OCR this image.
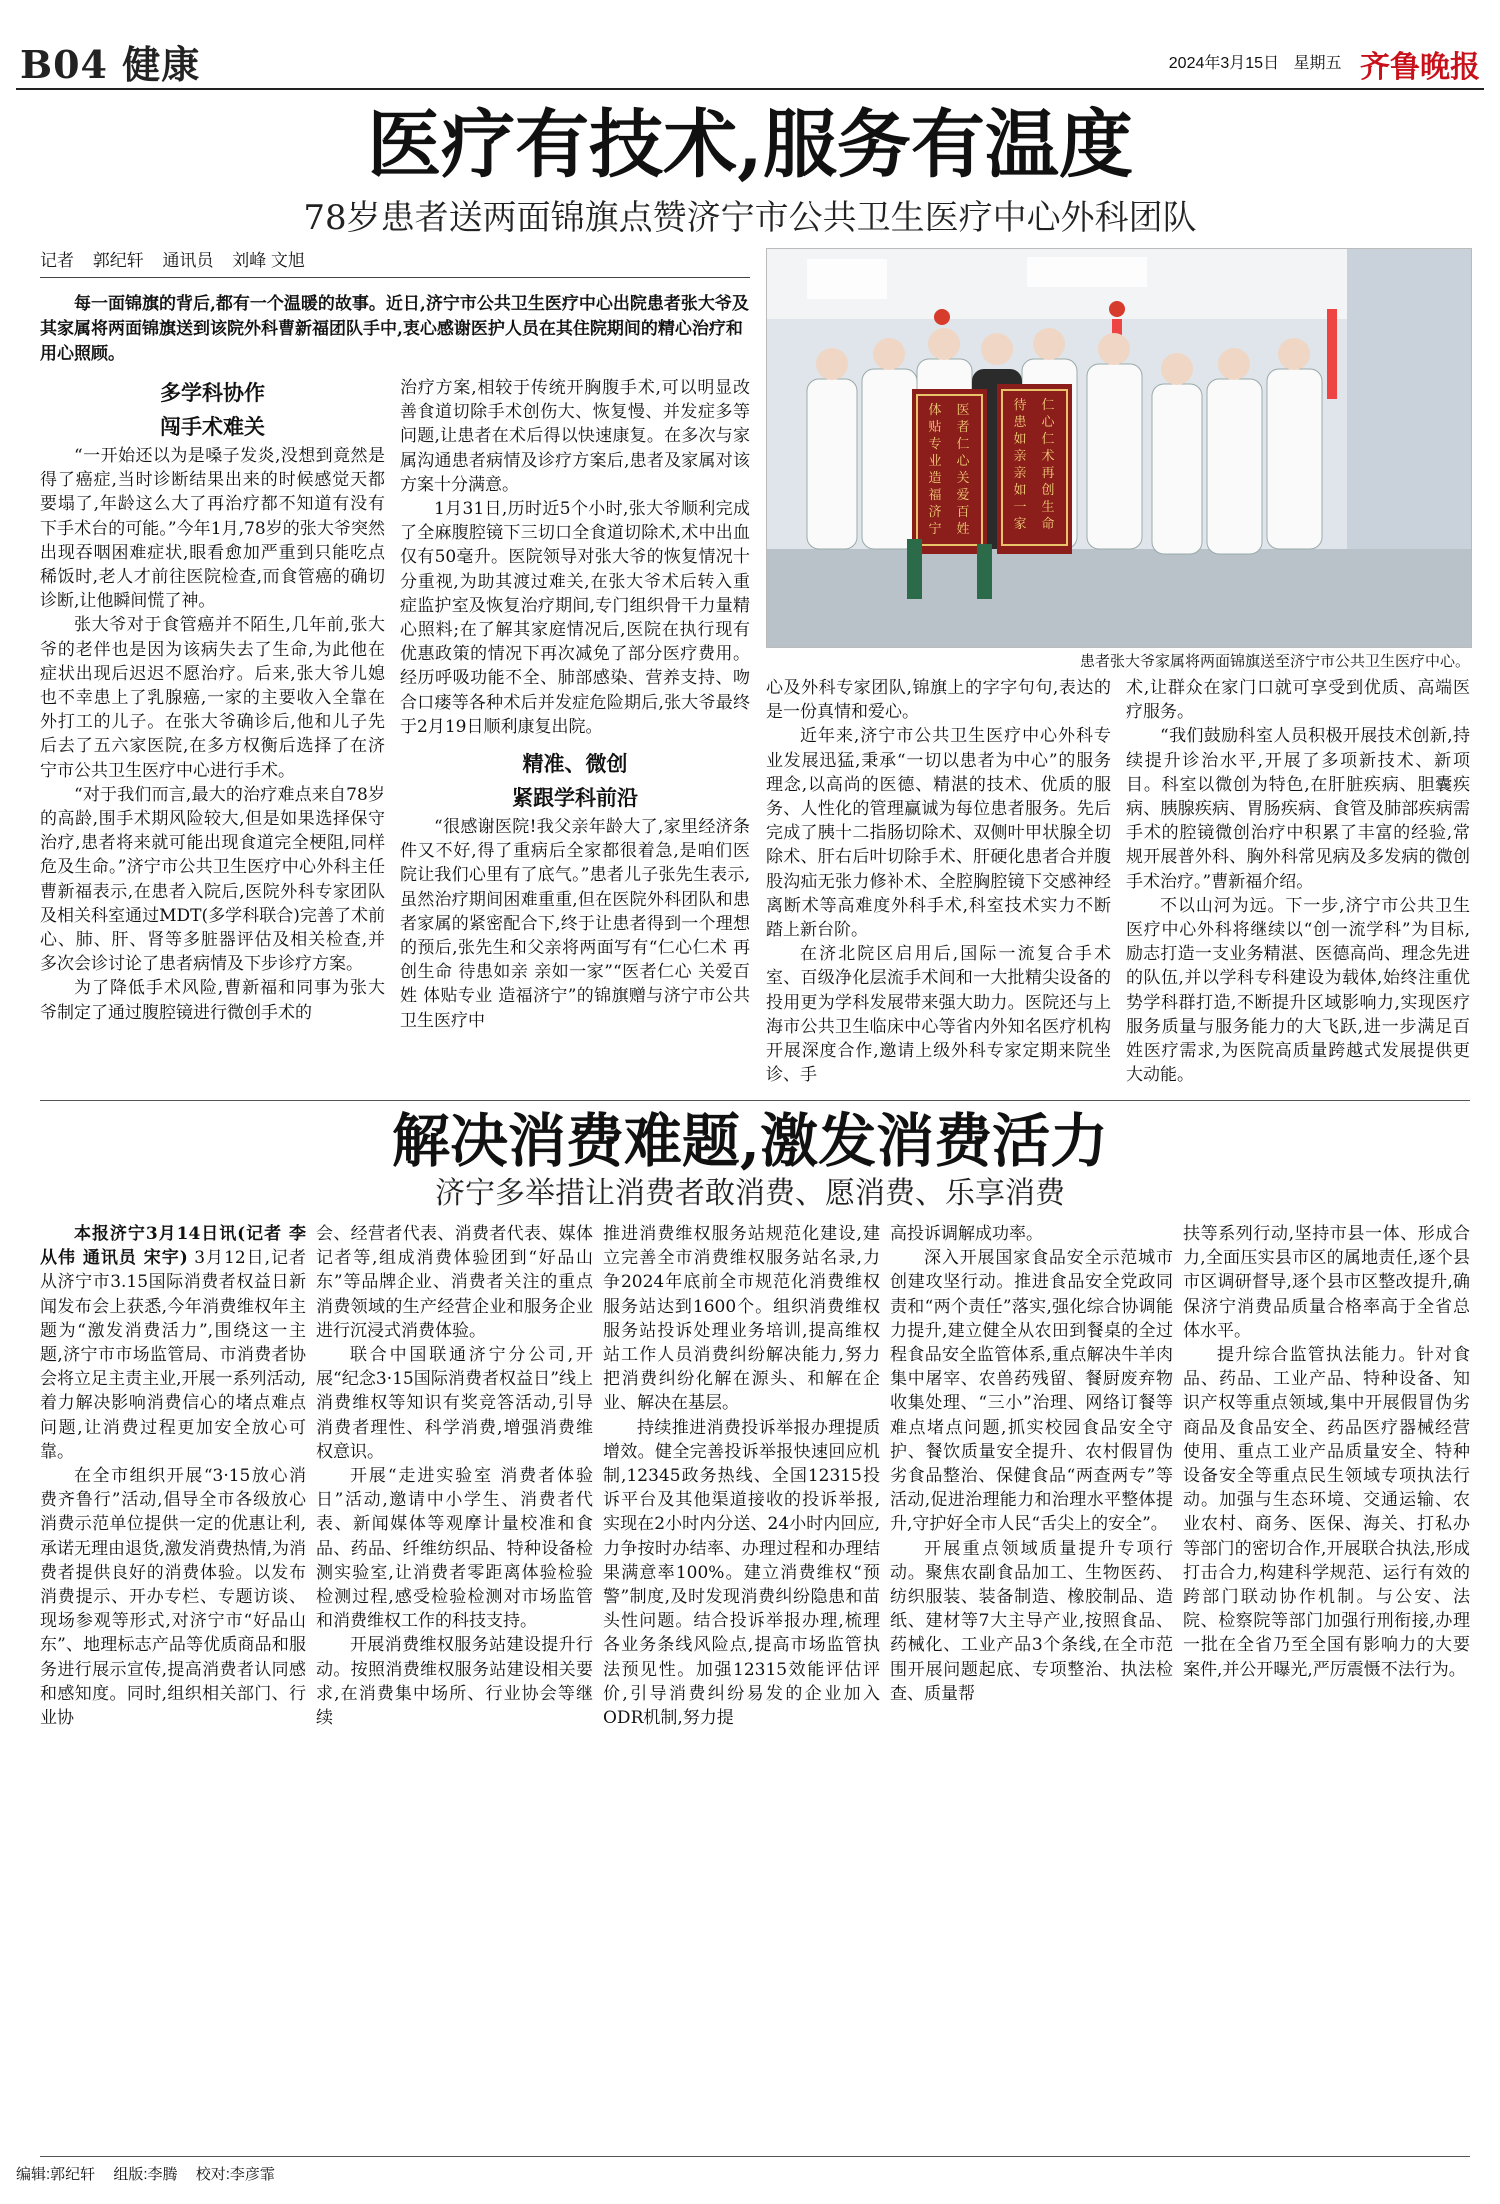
B04 健康	2024年3月15日 星期五 齐鲁晚报
医疗有技术,服务有温度
78岁患者送两面锦旗点赞济宁市公共卫生医疗中心外科团队
记者 郭纪轩 通讯员 刘峰 文旭
每一面锦旗的背后,都有一个温暖的故事。近日,济宁市公共卫生医疗中心出院患者张大爷及其家属将两面锦旗送到该院外科曹新福团队手中,衷心感谢医护人员在其住院期间的精心治疗和用心照顾。
多学科协作
闯手术难关

“一开始还以为是嗓子发炎,没想到竟然是得了癌症,当时诊断结果出来的时候感觉天都要塌了,年龄这么大了再治疗都不知道有没有下手术台的可能。”今年1月,78岁的张大爷突然出现吞咽困难症状,眼看愈加严重到只能吃点稀饭时,老人才前往医院检查,而食管癌的确切诊断,让他瞬间慌了神。

张大爷对于食管癌并不陌生,几年前,张大爷的老伴也是因为该病失去了生命,为此他在症状出现后迟迟不愿治疗。后来,张大爷儿媳也不幸患上了乳腺癌,一家的主要收入全靠在外打工的儿子。在张大爷确诊后,他和儿子先后去了五六家医院,在多方权衡后选择了在济宁市公共卫生医疗中心进行手术。

“对于我们而言,最大的治疗难点来自78岁的高龄,围手术期风险较大,但是如果选择保守治疗,患者将来就可能出现食道完全梗阻,同样危及生命。”济宁市公共卫生医疗中心外科主任曹新福表示,在患者入院后,医院外科专家团队及相关科室通过MDT(多学科联合)完善了术前心、肺、肝、肾等多脏器评估及相关检查,并多次会诊讨论了患者病情及下步诊疗方案。

为了降低手术风险,曹新福和同事为张大爷制定了通过腹腔镜进行微创手术的

治疗方案,相较于传统开胸腹手术,可以明显改善食道切除手术创伤大、恢复慢、并发症多等问题,让患者在术后得以快速康复。在多次与家属沟通患者病情及诊疗方案后,患者及家属对该方案十分满意。

1月31日,历时近5个小时,张大爷顺利完成了全麻腹腔镜下三切口全食道切除术,术中出血仅有50毫升。医院领导对张大爷的恢复情况十分重视,为助其渡过难关,在张大爷术后转入重症监护室及恢复治疗期间,专门组织骨干力量精心照料;在了解其家庭情况后,医院在执行现有优惠政策的情况下再次减免了部分医疗费用。经历呼吸功能不全、肺部感染、营养支持、吻合口瘘等各种术后并发症危险期后,张大爷最终于2月19日顺利康复出院。

精准、微创
紧跟学科前沿

“很感谢医院!我父亲年龄大了,家里经济条件又不好,得了重病后全家都很着急,是咱们医院让我们心里有了底气。”患者儿子张先生表示,虽然治疗期间困难重重,但在医院外科团队和患者家属的紧密配合下,终于让患者得到一个理想的预后,张先生和父亲将两面写有“仁心仁术 再创生命 待患如亲 亲如一家”“医者仁心 关爱百姓 体贴专业 造福济宁”的锦旗赠与济宁市公共卫生医疗中

医
者
仁
心
关
爱
百
姓
体
贴
专
业
造
福
济
宁
仁
心
仁
术
再
创
生
命
待
患
如
亲
亲
如
一
家
患者张大爷家属将两面锦旗送至济宁市公共卫生医疗中心。

心及外科专家团队,锦旗上的字字句句,表达的是一份真情和爱心。

近年来,济宁市公共卫生医疗中心外科专业发展迅猛,秉承“一切以患者为中心”的服务理念,以高尚的医德、精湛的技术、优质的服务、人性化的管理赢诚为每位患者服务。先后完成了胰十二指肠切除术、双侧叶甲状腺全切除术、肝右后叶切除手术、肝硬化患者合并腹股沟疝无张力修补术、全腔胸腔镜下交感神经离断术等高难度外科手术,科室技术实力不断踏上新台阶。

在济北院区启用后,国际一流复合手术室、百级净化层流手术间和一大批精尖设备的投用更为学科发展带来强大助力。医院还与上海市公共卫生临床中心等省内外知名医疗机构开展深度合作,邀请上级外科专家定期来院坐诊、手

术,让群众在家门口就可享受到优质、高端医疗服务。

“我们鼓励科室人员积极开展技术创新,持续提升诊治水平,开展了多项新技术、新项目。科室以微创为特色,在肝脏疾病、胆囊疾病、胰腺疾病、胃肠疾病、食管及肺部疾病需手术的腔镜微创治疗中积累了丰富的经验,常规开展普外科、胸外科常见病及多发病的微创手术治疗。”曹新福介绍。

不以山河为远。下一步,济宁市公共卫生医疗中心外科将继续以“创一流学科”为目标,励志打造一支业务精湛、医德高尚、理念先进的队伍,并以学科专科建设为载体,始终注重优势学科群打造,不断提升区域影响力,实现医疗服务质量与服务能力的大飞跃,进一步满足百姓医疗需求,为医院高质量跨越式发展提供更大动能。

解决消费难题,激发消费活力
济宁多举措让消费者敢消费、愿消费、乐享消费

本报济宁3月14日讯(记者 李从伟 通讯员 宋宇) 3月12日,记者从济宁市3.15国际消费者权益日新闻发布会上获悉,今年消费维权年主题为“激发消费活力”,围绕这一主题,济宁市市场监管局、市消费者协会将立足主责主业,开展一系列活动,着力解决影响消费信心的堵点难点问题,让消费过程更加安全放心可靠。

在全市组织开展“3·15放心消费齐鲁行”活动,倡导全市各级放心消费示范单位提供一定的优惠让利,承诺无理由退货,激发消费热情,为消费者提供良好的消费体验。以发布消费提示、开办专栏、专题访谈、现场参观等形式,对济宁市“好品山东”、地理标志产品等优质商品和服务进行展示宣传,提高消费者认同感和感知度。同时,组织相关部门、行业协

会、经营者代表、消费者代表、媒体记者等,组成消费体验团到“好品山东”等品牌企业、消费者关注的重点消费领域的生产经营企业和服务企业进行沉浸式消费体验。

联合中国联通济宁分公司,开展“纪念3·15国际消费者权益日”线上消费维权等知识有奖竞答活动,引导消费者理性、科学消费,增强消费维权意识。

开展“走进实验室 消费者体验日”活动,邀请中小学生、消费者代表、新闻媒体等观摩计量校准和食品、药品、纤维纺织品、特种设备检测实验室,让消费者零距离体验检验检测过程,感受检验检测对市场监管和消费维权工作的科技支持。

开展消费维权服务站建设提升行动。按照消费维权服务站建设相关要求,在消费集中场所、行业协会等继续

推进消费维权服务站规范化建设,建立完善全市消费维权服务站名录,力争2024年底前全市规范化消费维权服务站达到1600个。组织消费维权服务站投诉处理业务培训,提高维权站工作人员消费纠纷解决能力,努力把消费纠纷化解在源头、和解在企业、解决在基层。

持续推进消费投诉举报办理提质增效。健全完善投诉举报快速回应机制,12345政务热线、全国12315投诉平台及其他渠道接收的投诉举报,实现在2小时内分送、24小时内回应,力争按时办结率、办理过程和办理结果满意率100%。建立消费维权“预警”制度,及时发现消费纠纷隐患和苗头性问题。结合投诉举报办理,梳理各业务条线风险点,提高市场监管执法预见性。加强12315效能评估评价,引导消费纠纷易发的企业加入ODR机制,努力提

高投诉调解成功率。

深入开展国家食品安全示范城市创建攻坚行动。推进食品安全党政同责和“两个责任”落实,强化综合协调能力提升,建立健全从农田到餐桌的全过程食品安全监管体系,重点解决牛羊肉集中屠宰、农兽药残留、餐厨废弃物收集处理、“三小”治理、网络订餐等难点堵点问题,抓实校园食品安全守护、餐饮质量安全提升、农村假冒伪劣食品整治、保健食品“两查两专”等活动,促进治理能力和治理水平整体提升,守护好全市人民“舌尖上的安全”。

开展重点领域质量提升专项行动。聚焦农副食品加工、生物医药、纺织服装、装备制造、橡胶制品、造纸、建材等7大主导产业,按照食品、药械化、工业产品3个条线,在全市范围开展问题起底、专项整治、执法检查、质量帮

扶等系列行动,坚持市县一体、形成合力,全面压实县市区的属地责任,逐个县市区调研督导,逐个县市区整改提升,确保济宁消费品质量合格率高于全省总体水平。

提升综合监管执法能力。针对食品、药品、工业产品、特种设备、知识产权等重点领域,集中开展假冒伪劣商品及食品安全、药品医疗器械经营使用、重点工业产品质量安全、特种设备安全等重点民生领域专项执法行动。加强与生态环境、交通运输、农业农村、商务、医保、海关、打私办等部门的密切合作,开展联合执法,形成打击合力,构建科学规范、运行有效的跨部门联动协作机制。与公安、法院、检察院等部门加强行刑衔接,办理一批在全省乃至全国有影响力的大要案件,并公开曝光,严厉震慑不法行为。

编辑:郭纪轩 组版:李腾 校对:李彦霏
